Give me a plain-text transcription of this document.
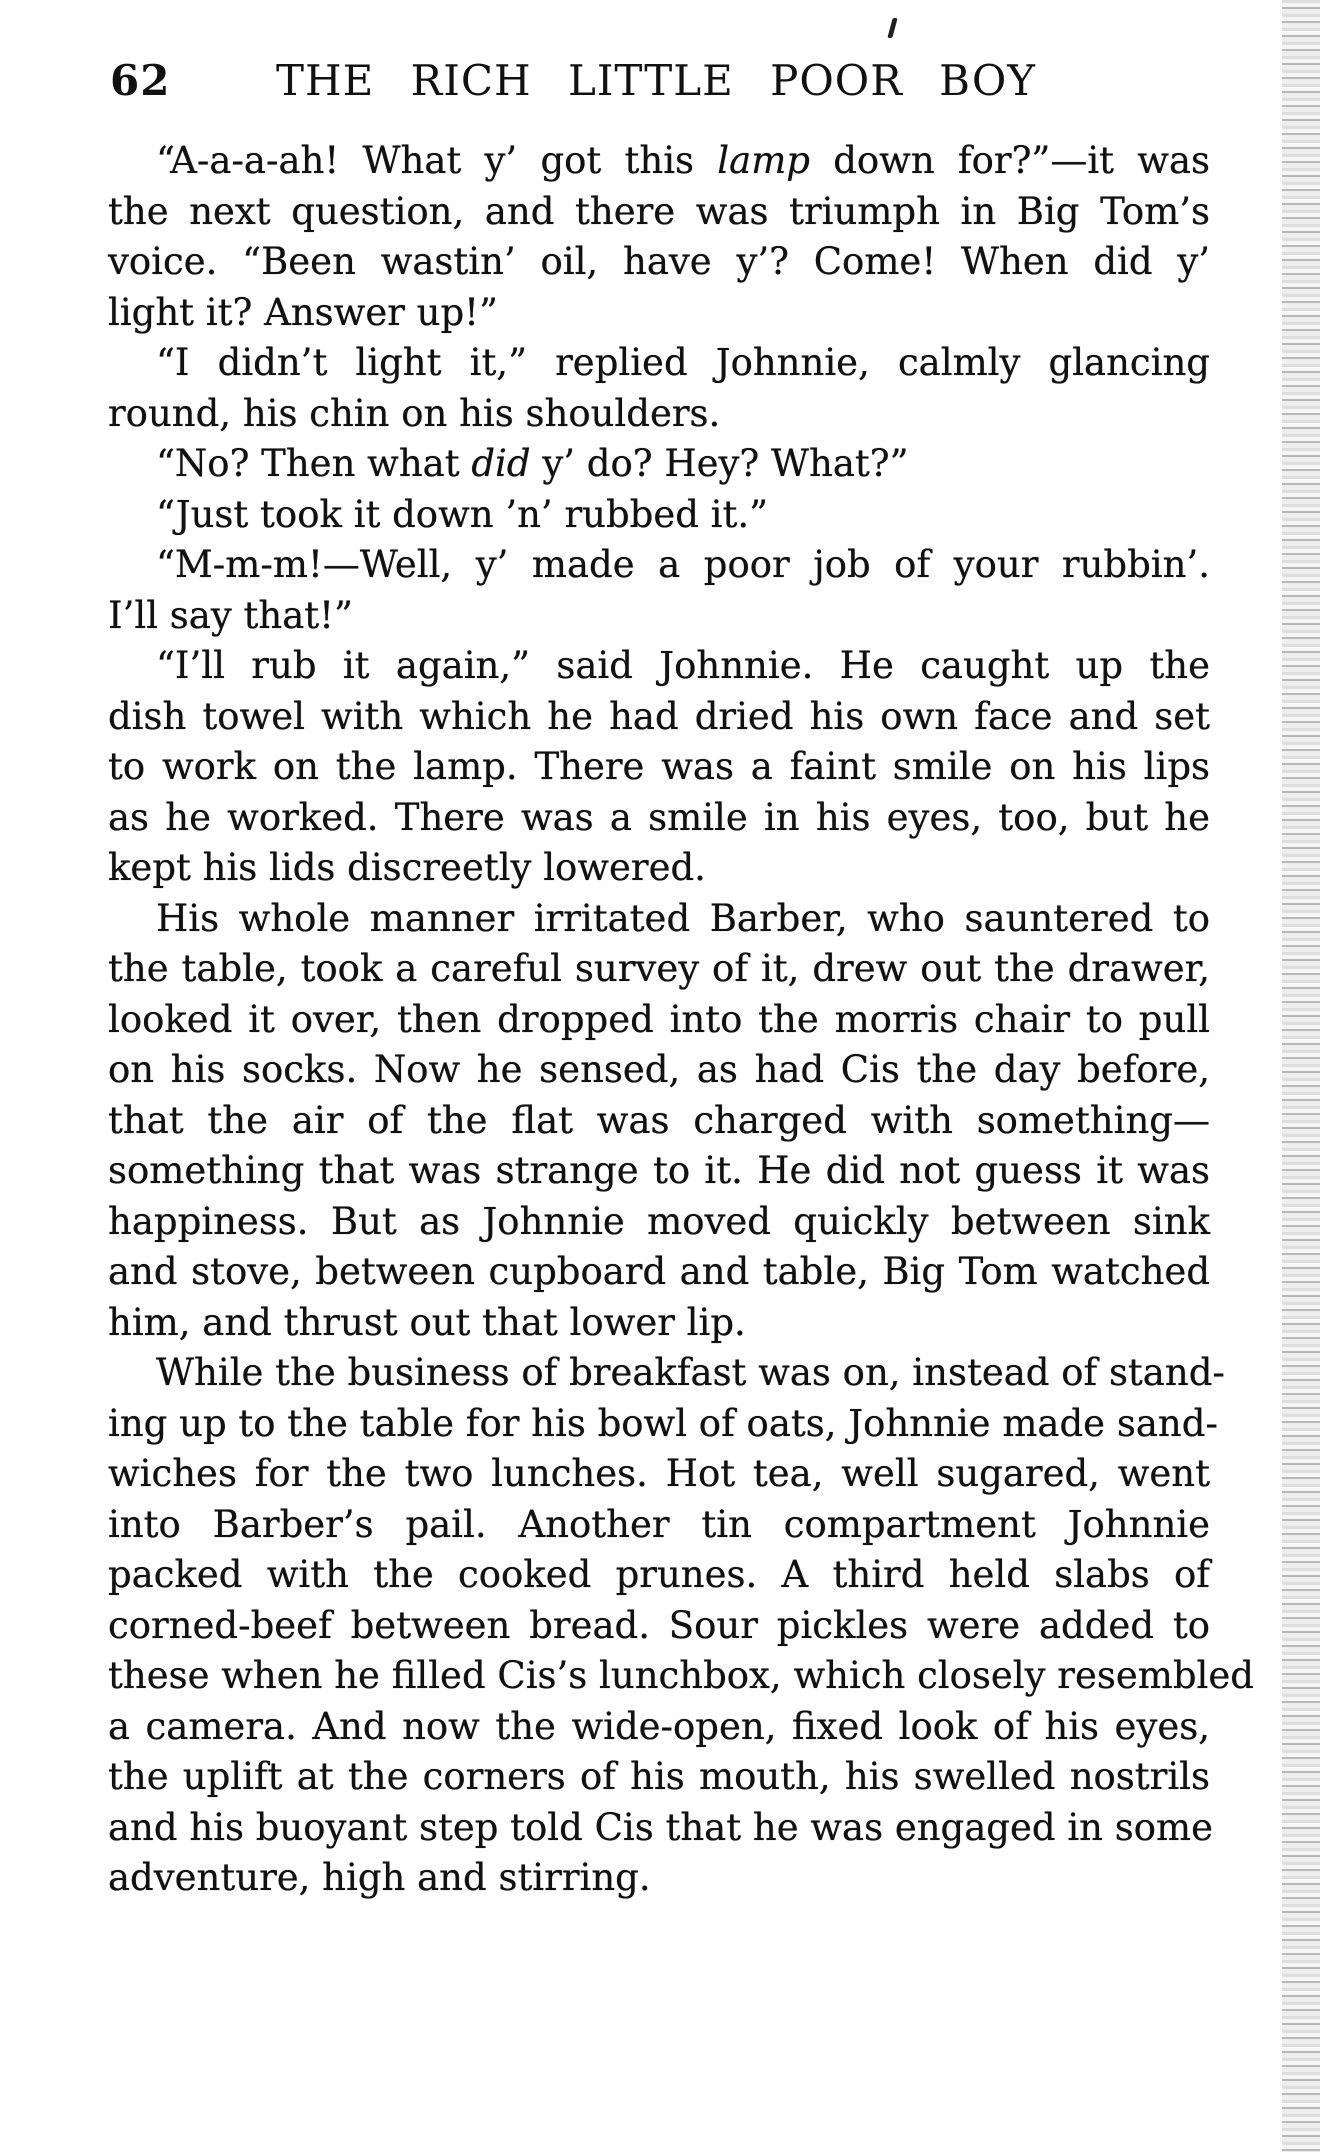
62	THE RICH LITTLE POOR BOY
“A-a-a-ah! What y’ got this lamp down for?”—it was
the next question, and there was triumph in Big Tom’s
voice. “Been wastin’ oil, have y’? Come! When did y’
light it? Answer up!”
“I didn’t light it,” replied Johnnie, calmly glancing
round, his chin on his shoulders.
“No? Then what did y’ do? Hey? What?”
“Just took it down ’n’ rubbed it.”
“M-m-m!—Well, y’ made a poor job of your rubbin’.
I’ll say that!”
“I’ll rub it again,” said Johnnie. He caught up the
dish towel with which he had dried his own face and set
to work on the lamp. There was a faint smile on his lips
as he worked. There was a smile in his eyes, too, but he
kept his lids discreetly lowered.
His whole manner irritated Barber, who sauntered to
the table, took a careful survey of it, drew out the drawer,
looked it over, then dropped into the morris chair to pull
on his socks. Now he sensed, as had Cis the day before,
that the air of the flat was charged with something—
something that was strange to it. He did not guess it was
happiness. But as Johnnie moved quickly between sink
and stove, between cupboard and table, Big Tom watched
him, and thrust out that lower lip.
While the business of breakfast was on, instead of stand-
ing up to the table for his bowl of oats, Johnnie made sand-
wiches for the two lunches. Hot tea, well sugared, went
into Barber’s pail. Another tin compartment Johnnie
packed with the cooked prunes. A third held slabs of
corned-beef between bread. Sour pickles were added to
these when he filled Cis’s lunchbox, which closely resembled
a camera. And now the wide-open, fixed look of his eyes,
the uplift at the corners of his mouth, his swelled nostrils
and his buoyant step told Cis that he was engaged in some
adventure, high and stirring.
